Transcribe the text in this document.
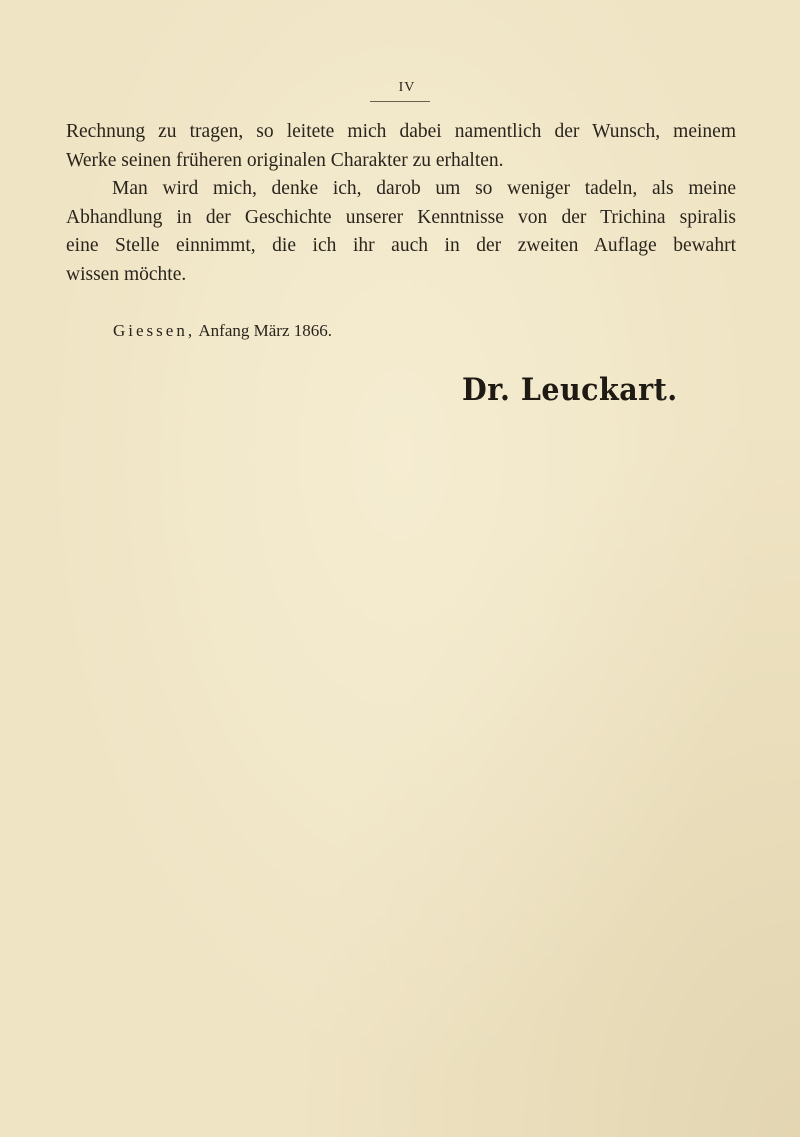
IV

Rechnung zu tragen, so leitete mich dabei namentlich der Wunsch, meinem
Werke seinen früheren originalen Charakter zu erhalten.

Man wird mich, denke ich, darob um so weniger tadeln, als meine
Abhandlung in der Geschichte unserer Kenntnisse von der Trichina spiralis
eine Stelle einnimmt, die ich ihr auch in der zweiten Auflage bewahrt
wissen möchte.

Giessen, Anfang März 1866.

Dr. Leuckart.
